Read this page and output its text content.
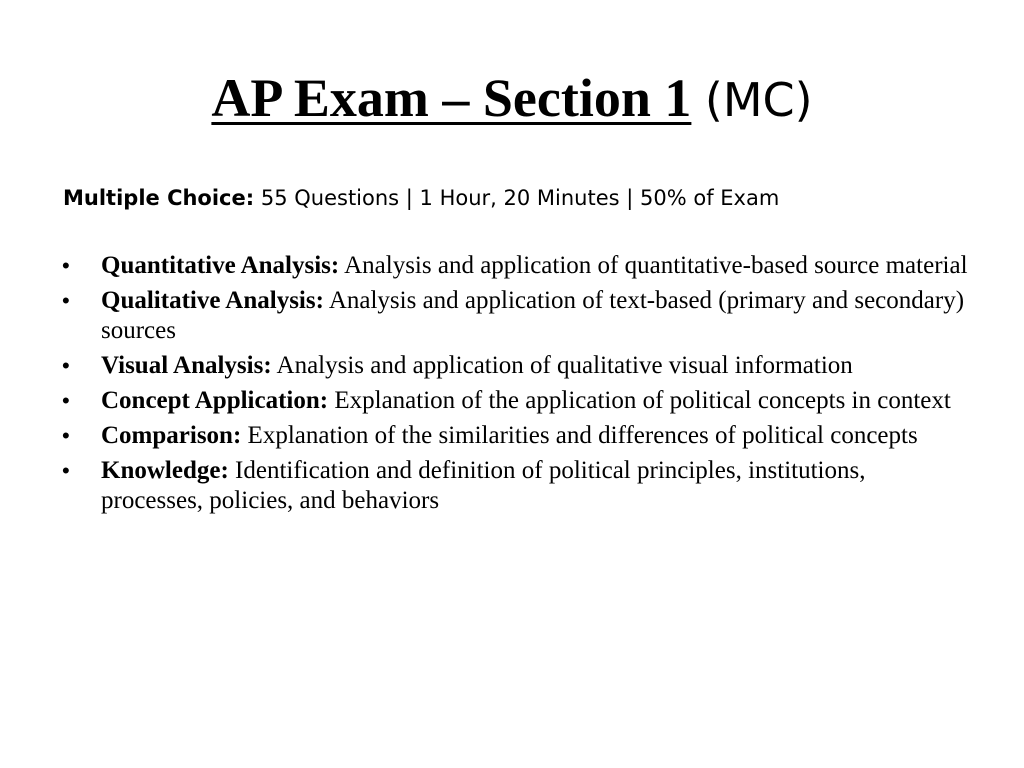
AP Exam – Section 1 (MC)
Multiple Choice: 55 Questions | 1 Hour, 20 Minutes | 50% of Exam
• Quantitative Analysis: Analysis and application of quantitative-based source material
• Qualitative Analysis: Analysis and application of text-based (primary and secondary) sources
• Visual Analysis: Analysis and application of qualitative visual information
• Concept Application: Explanation of the application of political concepts in context
• Comparison: Explanation of the similarities and differences of political concepts
• Knowledge: Identification and definition of political principles, institutions, processes, policies, and behaviors
